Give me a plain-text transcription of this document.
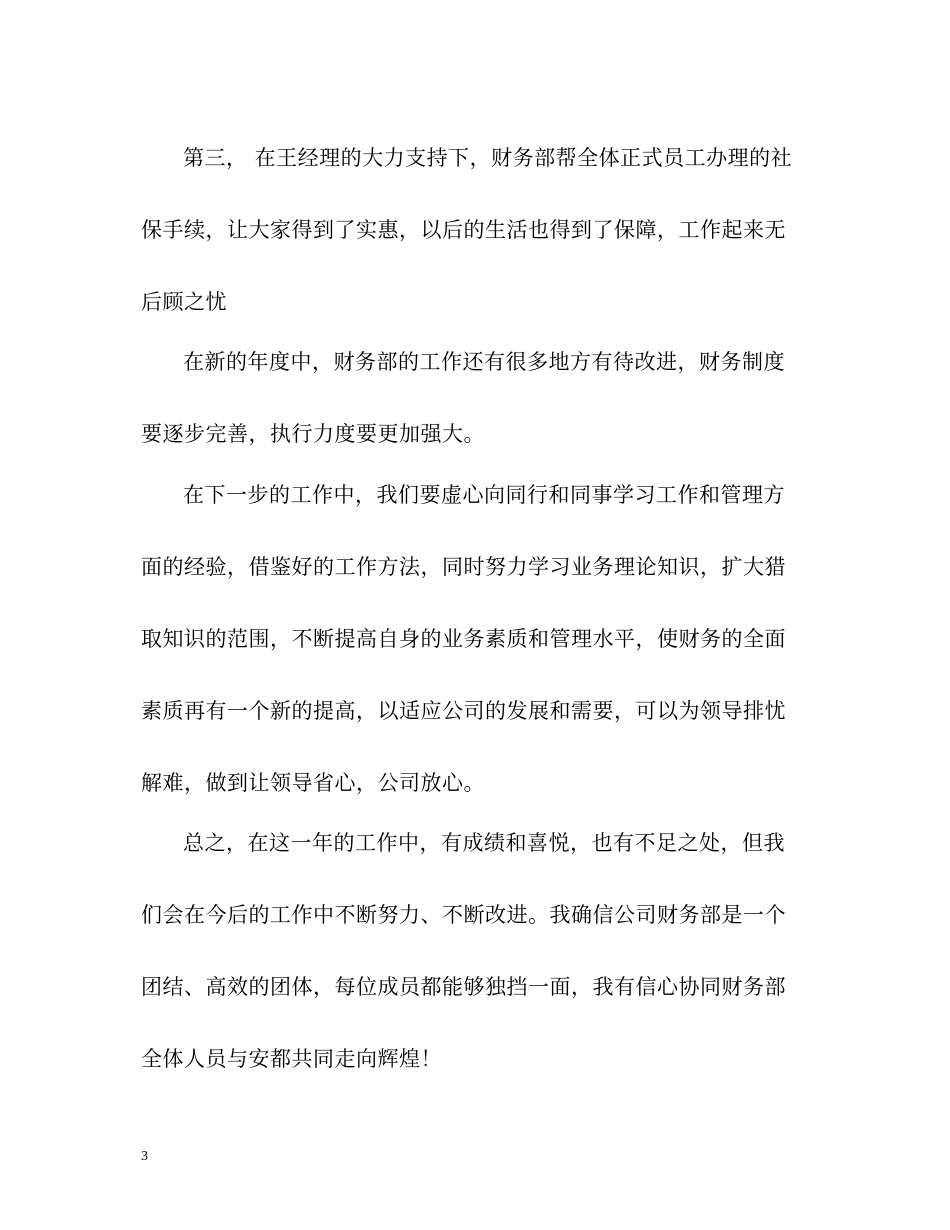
第三， 在王经理的大力支持下，财务部帮全体正式员工办理的社
保手续，让大家得到了实惠，以后的生活也得到了保障，工作起来无
后顾之忧
在新的年度中，财务部的工作还有很多地方有待改进，财务制度
要逐步完善，执行力度要更加强大。
在下一步的工作中，我们要虚心向同行和同事学习工作和管理方
面的经验，借鉴好的工作方法，同时努力学习业务理论知识，扩大猎
取知识的范围，不断提高自身的业务素质和管理水平，使财务的全面
素质再有一个新的提高，以适应公司的发展和需要，可以为领导排忧
解难，做到让领导省心，公司放心。
总之，在这一年的工作中，有成绩和喜悦，也有不足之处，但我
们会在今后的工作中不断努力、不断改进。我确信公司财务部是一个
团结、高效的团体，每位成员都能够独挡一面，我有信心协同财务部
全体人员与安都共同走向辉煌！
3
